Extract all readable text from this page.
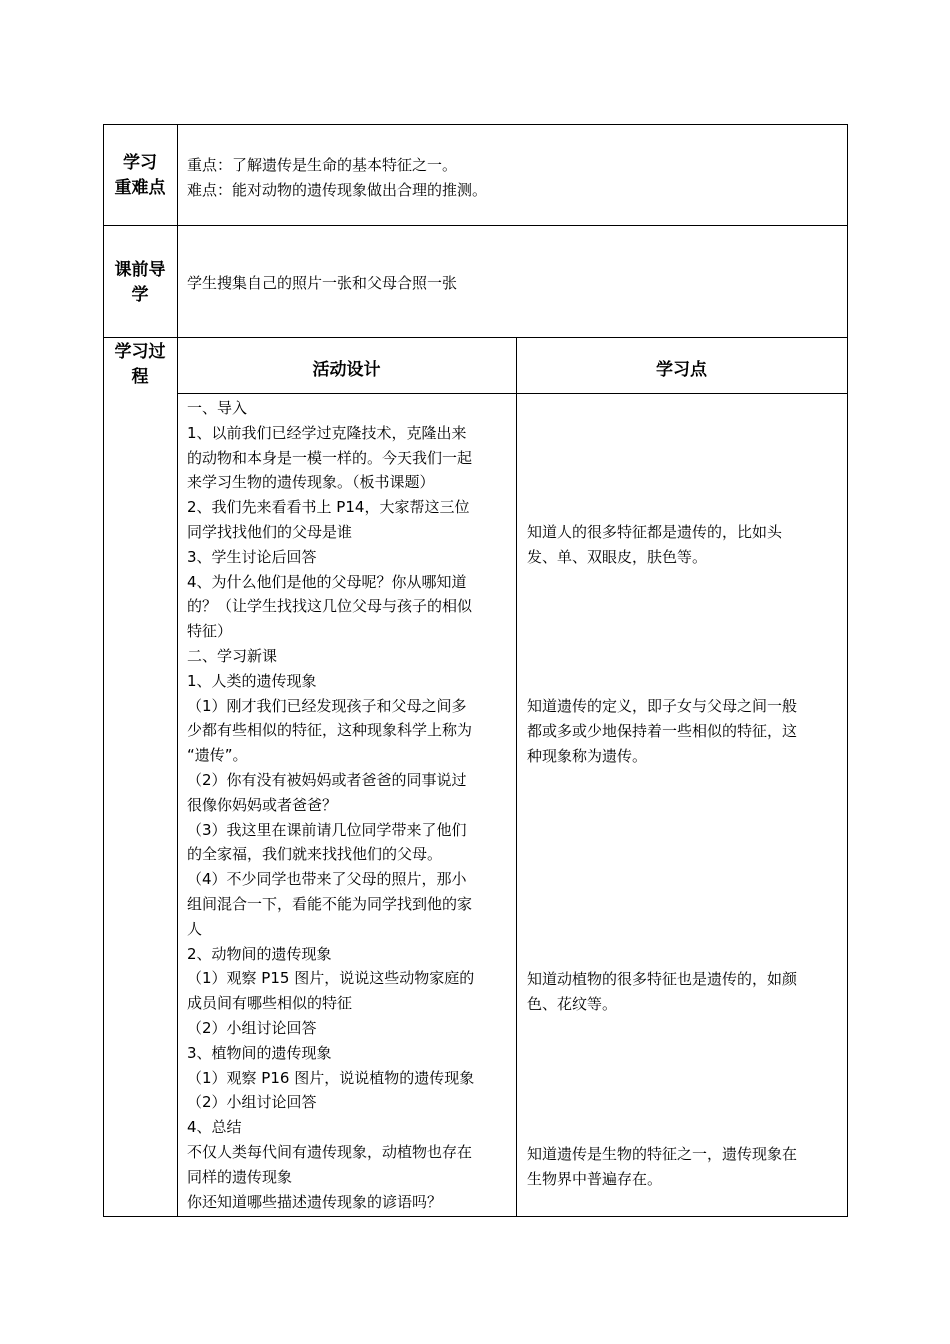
学习
重难点
重点：了解遗传是生命的基本特征之一。
难点：能对动物的遗传现象做出合理的推测。
课前导
学
学生搜集自己的照片一张和父母合照一张
学习过
程	活动设计	学习点
一、导入
1、以前我们已经学过克隆技术，克隆出来
的动物和本身是一模一样的。今天我们一起
来学习生物的遗传现象。（板书课题）
2、我们先来看看书上 P14，大家帮这三位
同学找找他们的父母是谁
3、学生讨论后回答
4、为什么他们是他的父母呢？你从哪知道
的？（让学生找找这几位父母与孩子的相似
特征）
二、学习新课
1、人类的遗传现象
（1）刚才我们已经发现孩子和父母之间多
少都有些相似的特征，这种现象科学上称为
“遗传”。
（2）你有没有被妈妈或者爸爸的同事说过
很像你妈妈或者爸爸？
（3）我这里在课前请几位同学带来了他们
的全家福，我们就来找找他们的父母。
（4）不少同学也带来了父母的照片，那小
组间混合一下，看能不能为同学找到他的家
人
2、动物间的遗传现象
（1）观察 P15 图片，说说这些动物家庭的
成员间有哪些相似的特征
（2）小组讨论回答
3、植物间的遗传现象
（1）观察 P16 图片，说说植物的遗传现象
（2）小组讨论回答
4、总结
不仅人类每代间有遗传现象，动植物也存在
同样的遗传现象
你还知道哪些描述遗传现象的谚语吗？
知道人的很多特征都是遗传的，比如头
发、单、双眼皮，肤色等。
知道遗传的定义，即子女与父母之间一般
都或多或少地保持着一些相似的特征，这
种现象称为遗传。
知道动植物的很多特征也是遗传的，如颜
色、花纹等。
知道遗传是生物的特征之一，遗传现象在
生物界中普遍存在。
